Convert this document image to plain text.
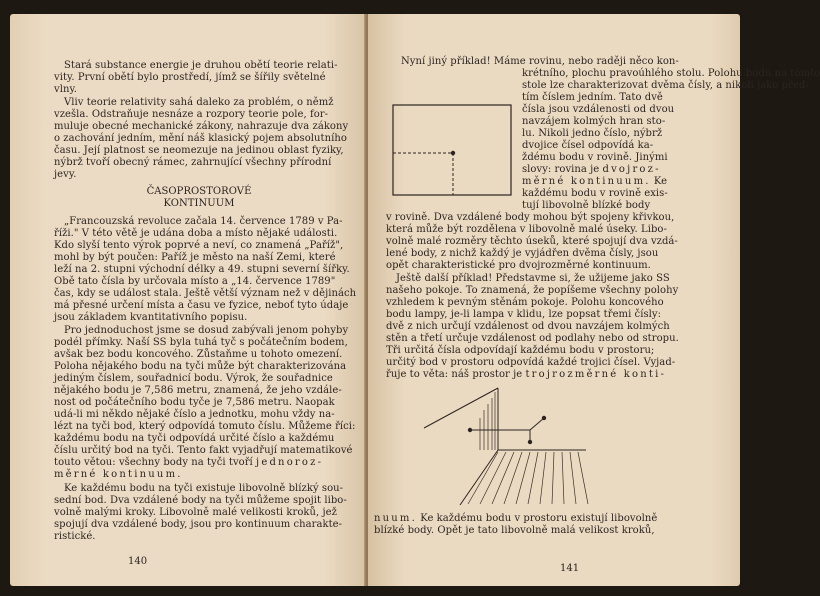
Stará substance energie je druhou obětí teorie relati-
vity. První obětí bylo prostředí, jímž se šířily světelné
vlny.
Vliv teorie relativity sahá daleko za problém, o němž
vzešla. Odstraňuje nesnáze a rozpory teorie pole, for-
muluje obecné mechanické zákony, nahrazuje dva zákony
o zachování jedním, mění náš klasický pojem absolutního
času. Její platnost se neomezuje na jedinou oblast fyziky,
nýbrž tvoří obecný rámec, zahrnující všechny přírodní
jevy.
ČASOPROSTOROVÉ
KONTINUUM
„Francouzská revoluce začala 14. července 1789 v Pa-
říži." V této větě je udána doba a místo nějaké události.
Kdo slyší tento výrok poprvé a neví, co znamená „Paříž",
mohl by být poučen: Paříž je město na naší Zemi, které
leží na 2. stupni východní délky a 49. stupni severní šířky.
Obě tato čísla by určovala místo a „14. července 1789"
čas, kdy se událost stala. Ještě větší význam než v dějinách
má přesné určení místa a času ve fyzice, neboť tyto údaje
jsou základem kvantitativního popisu.
Pro jednoduchost jsme se dosud zabývali jenom pohyby
podél přímky. Naší SS byla tuhá tyč s počátečním bodem,
avšak bez bodu koncového. Zůstaňme u tohoto omezení.
Poloha nějakého bodu na tyči může být charakterizována
jediným číslem, souřadnicí bodu. Výrok, že souřadnice
nějakého bodu je 7,586 metru, znamená, že jeho vzdále-
nost od počátečního bodu tyče je 7,586 metru. Naopak
udá-li mi někdo nějaké číslo a jednotku, mohu vždy na-
lézt na tyči bod, který odpovídá tomuto číslu. Můžeme říci:
každému bodu na tyči odpovídá určité číslo a každému
číslu určitý bod na tyči. Tento fakt vyjadřují matematikové
touto větou: všechny body na tyči tvoří jednoroz-
měrné kontinuum.
Ke každému bodu na tyči existuje libovolně blízký sou-
sední bod. Dva vzdálené body na tyči můžeme spojit libo-
volně malými kroky. Libovolně malé velikosti kroků, jež
spojují dva vzdálené body, jsou pro kontinuum charakte-
ristické.
140
Nyní jiný příklad! Máme rovinu, nebo raději něco kon-
krétního, plochu pravoúhlého stolu. Polohu bodu na tomto
stole lze charakterizovat dvěma čísly, a nikoli jako před-
tím číslem jedním. Tato dvě
čísla jsou vzdálenosti od dvou
navzájem kolmých hran sto-
lu. Nikoli jedno číslo, nýbrž
dvojice čísel odpovídá ka-
ždému bodu v rovině. Jinými
slovy: rovina je dvojroz-
měrné kontinuum. Ke
každému bodu v rovině exis-
tují libovolně blízké body
v rovině. Dva vzdálené body mohou být spojeny křivkou,
která může být rozdělena v libovolně malé úseky. Libo-
volně malé rozměry těchto úseků, které spojují dva vzdá-
lené body, z nichž každý je vyjádřen dvěma čísly, jsou
opět charakteristické pro dvojrozměrné kontinuum.
Ještě další příklad! Představme si, že užijeme jako SS
našeho pokoje. To znamená, že popíšeme všechny polohy
vzhledem k pevným stěnám pokoje. Polohu koncového
bodu lampy, je-li lampa v klidu, lze popsat třemi čísly:
dvě z nich určují vzdálenost od dvou navzájem kolmých
stěn a třetí určuje vzdálenost od podlahy nebo od stropu.
Tři určitá čísla odpovídají každému bodu v prostoru;
určitý bod v prostoru odpovídá každé trojici čísel. Vyjad-
řuje to věta: náš prostor je trojrozměrné konti-
nuum. Ke každému bodu v prostoru existují libovolně
blízké body. Opět je tato libovolně malá velikost kroků,
141
